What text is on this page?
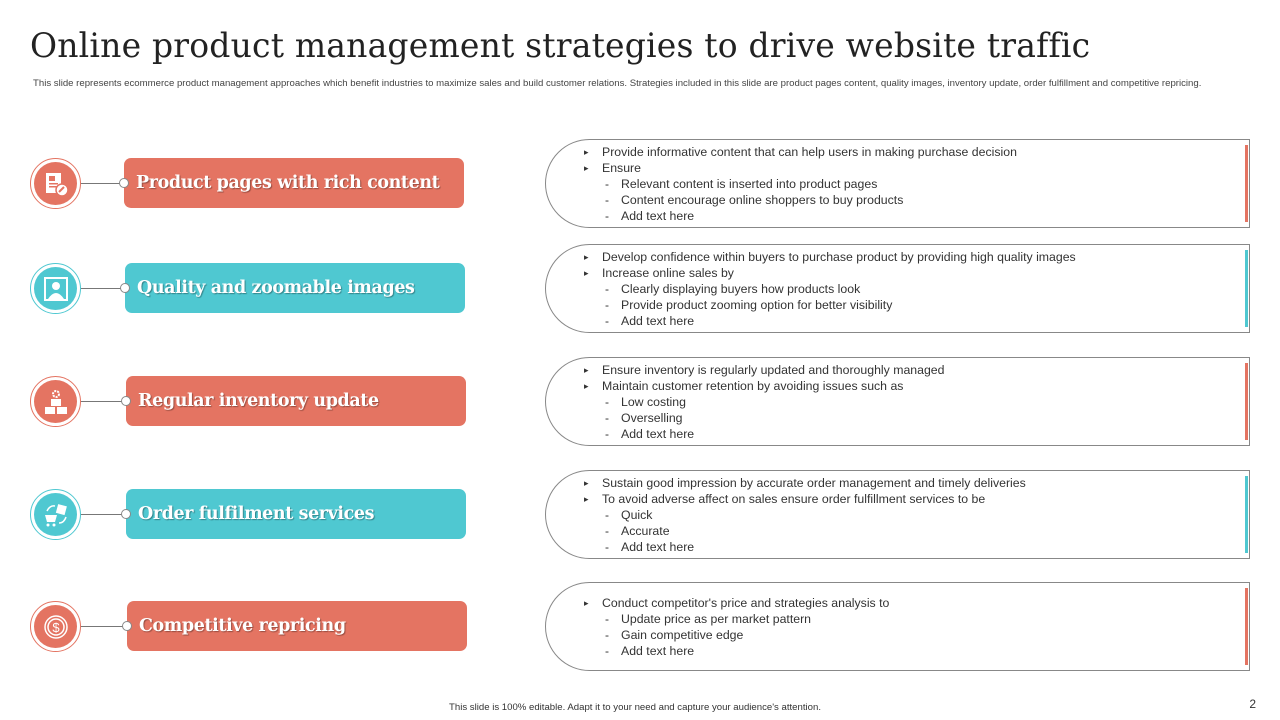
Online product management strategies to drive website traffic
This slide represents ecommerce product management approaches which benefit industries to maximize sales and build customer relations. Strategies included in this slide are product pages content, quality images, inventory update, order fulfillment and competitive repricing.
Product pages with rich content
▸ Provide informative content that can help users in making purchase decision
▸ Ensure
- Relevant content is inserted into product pages
- Content encourage online shoppers to buy products
- Add text here
Quality and zoomable images
▸ Develop confidence within buyers to purchase product by providing high quality images
▸ Increase online sales by
- Clearly displaying buyers how products look
- Provide product zooming option for better visibility
- Add text here
Regular inventory update
▸ Ensure inventory is regularly updated and thoroughly managed
▸ Maintain customer retention by avoiding issues such as
- Low costing
- Overselling
- Add text here
Order fulfilment services
▸ Sustain good impression by accurate order management and timely deliveries
▸ To avoid adverse affect on sales ensure order fulfillment services to be
- Quick
- Accurate
- Add text here
$	Competitive repricing
▸ Conduct competitor's price and strategies analysis to
- Update price as per market pattern
- Gain competitive edge
- Add text here
This slide is 100% editable. Adapt it to your need and capture your audience's attention.	2
